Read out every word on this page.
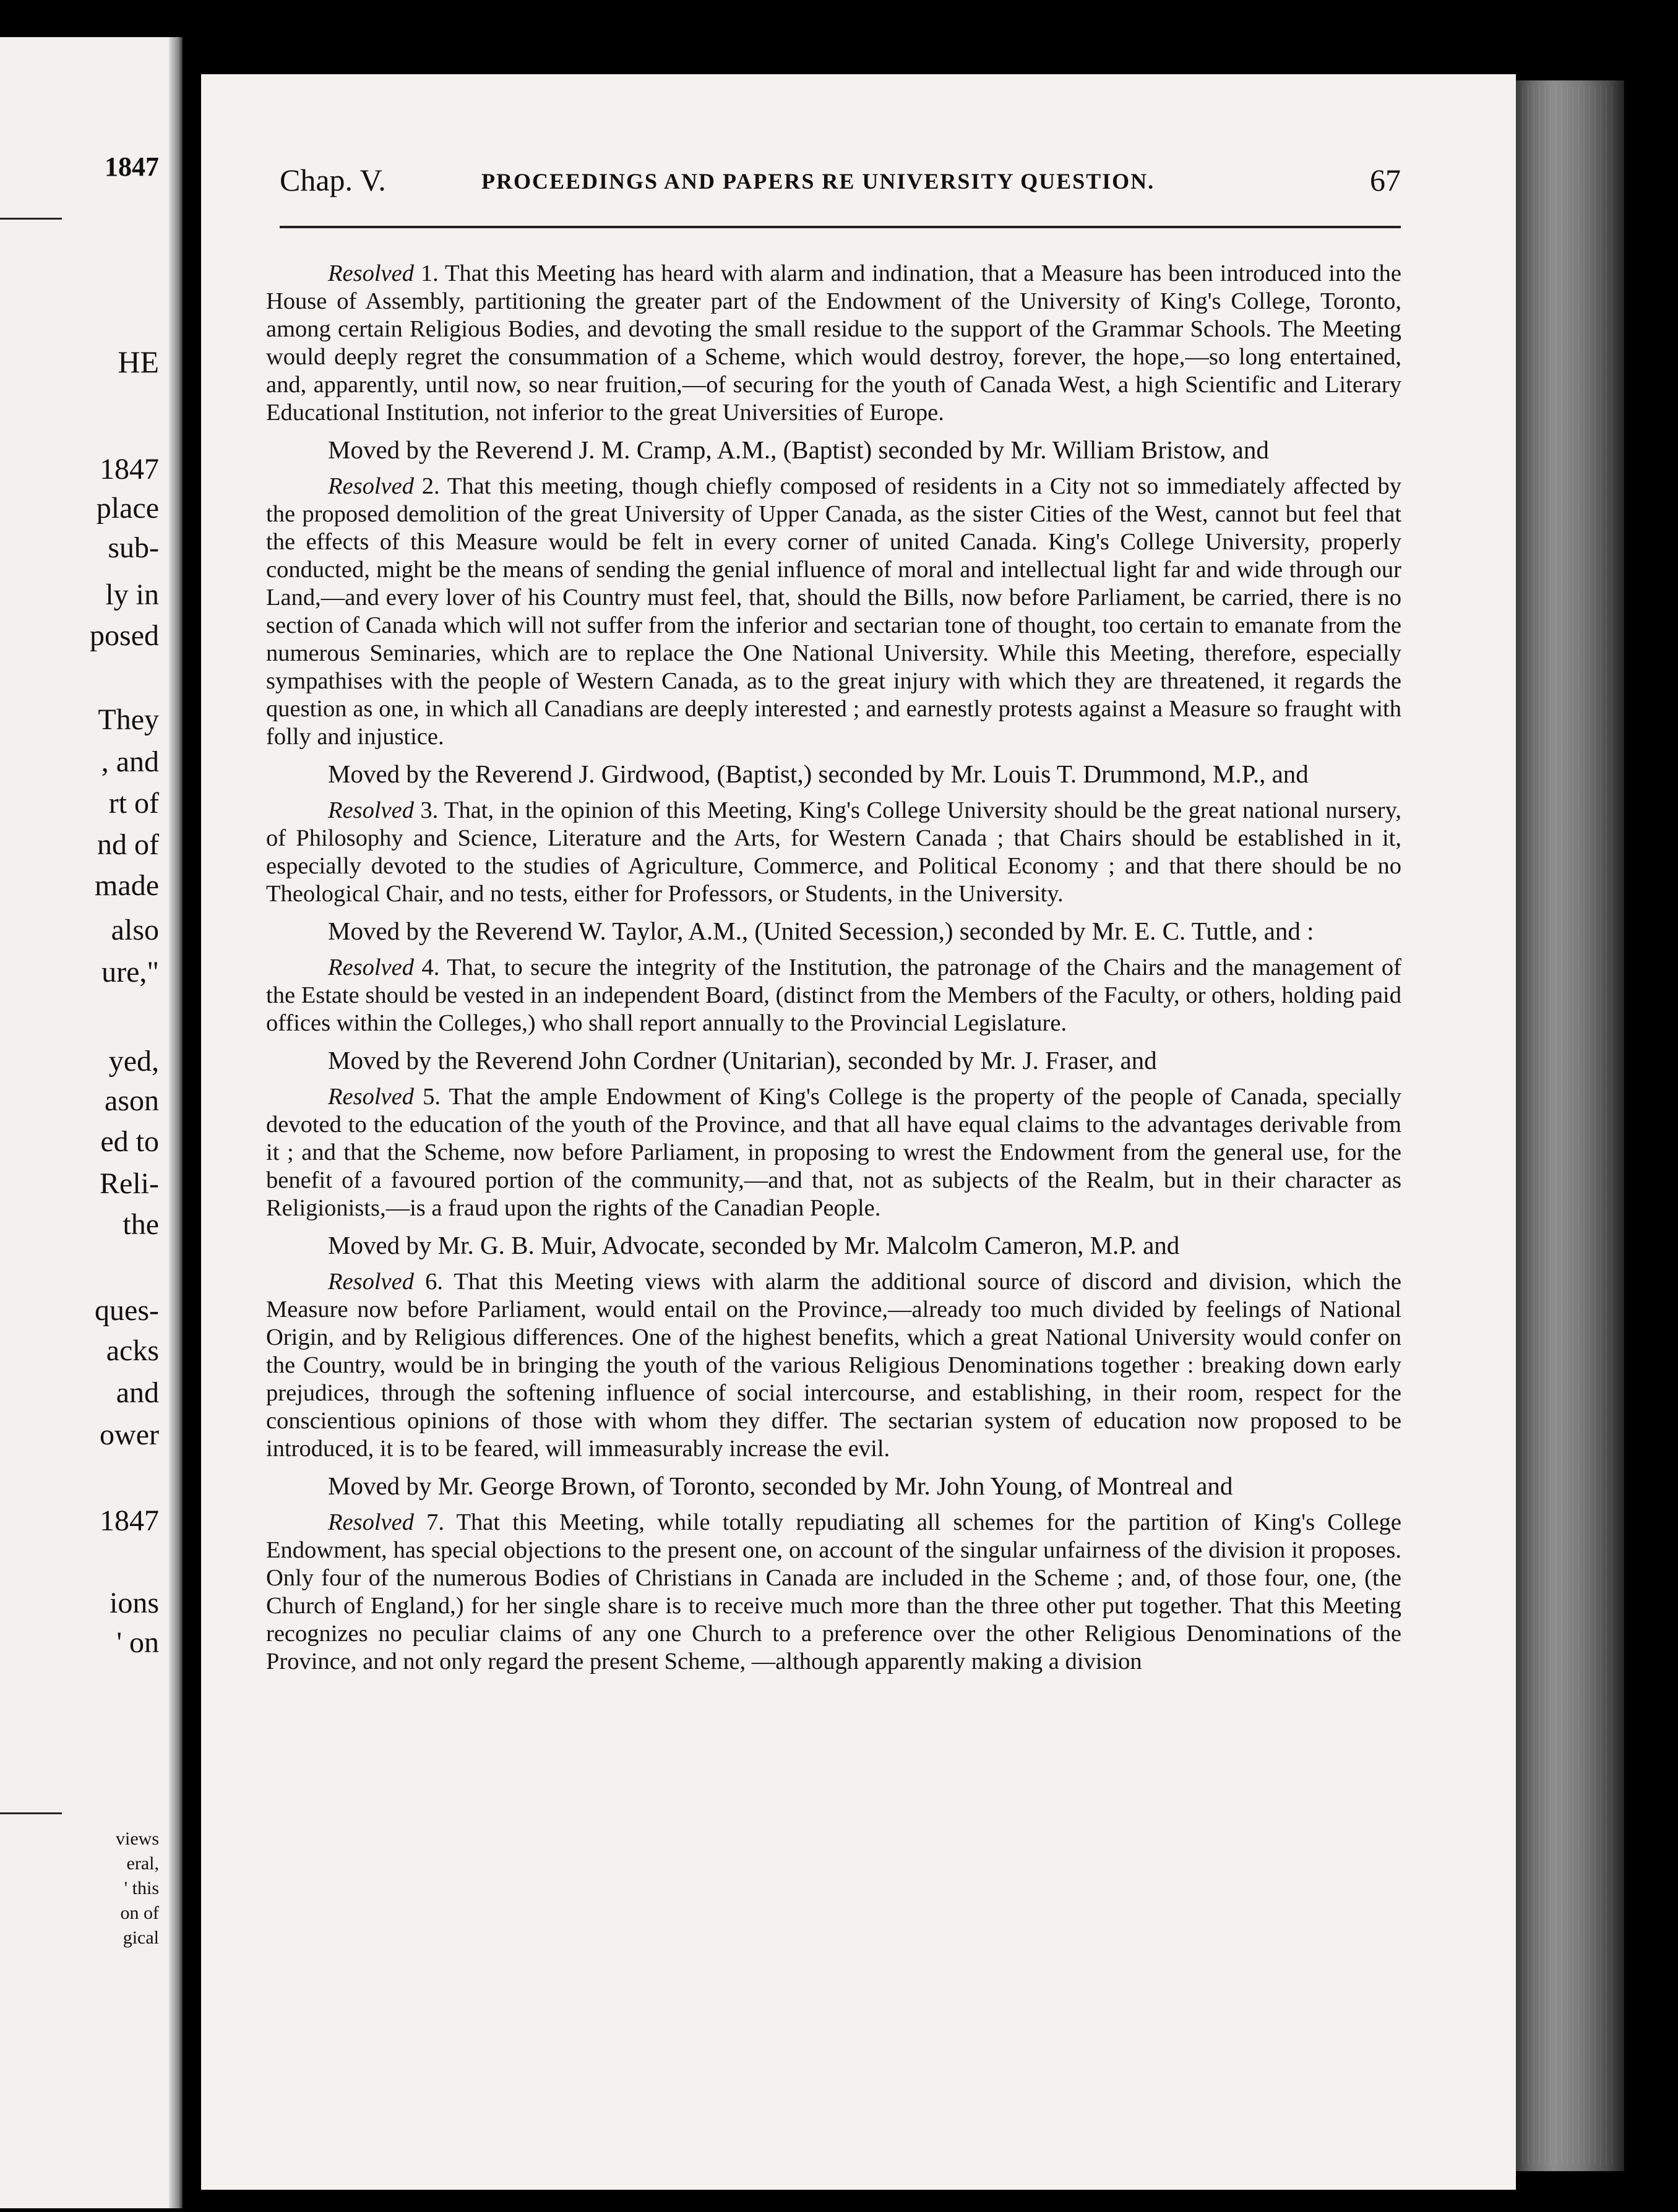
1847
HE
1847
place
sub-
ly in
posed
They
, and
rt of
nd of
made
also
ure,"
yed,
ason
ed to
Reli-
the
ques-
acks
and
ower
1847
ions
' on
views
eral,
' this
on of
gical
Chap. V.	PROCEEDINGS AND PAPERS RE UNIVERSITY QUESTION.	67

Resolved 1. That this Meeting has heard with alarm and indination, that a Measure has been introduced into the House of Assembly, partitioning the greater part of the Endowment of the University of King's College, Toronto, among certain Religious Bodies, and devoting the small residue to the support of the Grammar Schools. The Meeting would deeply regret the consummation of a Scheme, which would destroy, forever, the hope,—so long entertained, and, apparently, until now, so near fruition,—of securing for the youth of Canada West, a high Scientific and Literary Educational Institution, not inferior to the great Universities of Europe.

Moved by the Reverend J. M. Cramp, A.M., (Baptist) seconded by Mr. William Bristow, and

Resolved 2. That this meeting, though chiefly composed of residents in a City not so immediately affected by the proposed demolition of the great University of Upper Canada, as the sister Cities of the West, cannot but feel that the effects of this Measure would be felt in every corner of united Canada. King's College University, properly conducted, might be the means of sending the genial influence of moral and intellectual light far and wide through our Land,—and every lover of his Country must feel, that, should the Bills, now before Parliament, be carried, there is no section of Canada which will not suffer from the inferior and sectarian tone of thought, too certain to emanate from the numerous Seminaries, which are to replace the One National University. While this Meeting, therefore, especially sympathises with the people of Western Canada, as to the great injury with which they are threatened, it regards the question as one, in which all Canadians are deeply interested ; and earnestly protests against a Measure so fraught with folly and injustice.

Moved by the Reverend J. Girdwood, (Baptist,) seconded by Mr. Louis T. Drummond, M.P., and

Resolved 3. That, in the opinion of this Meeting, King's College University should be the great national nursery, of Philosophy and Science, Literature and the Arts, for Western Canada ; that Chairs should be established in it, especially devoted to the studies of Agriculture, Commerce, and Political Economy ; and that there should be no Theological Chair, and no tests, either for Professors, or Students, in the University.

Moved by the Reverend W. Taylor, A.M., (United Secession,) seconded by Mr. E. C. Tuttle, and :

Resolved 4. That, to secure the integrity of the Institution, the patronage of the Chairs and the management of the Estate should be vested in an independent Board, (distinct from the Members of the Faculty, or others, holding paid offices within the Colleges,) who shall report annually to the Provincial Legislature.

Moved by the Reverend John Cordner (Unitarian), seconded by Mr. J. Fraser, and

Resolved 5. That the ample Endowment of King's College is the property of the people of Canada, specially devoted to the education of the youth of the Province, and that all have equal claims to the advantages derivable from it ; and that the Scheme, now before Parliament, in proposing to wrest the Endowment from the general use, for the benefit of a favoured portion of the community,—and that, not as subjects of the Realm, but in their character as Religionists,—is a fraud upon the rights of the Canadian People.

Moved by Mr. G. B. Muir, Advocate, seconded by Mr. Malcolm Cameron, M.P. and

Resolved 6. That this Meeting views with alarm the additional source of discord and division, which the Measure now before Parliament, would entail on the Province,—already too much divided by feelings of National Origin, and by Religious differences. One of the highest benefits, which a great National University would confer on the Country, would be in bringing the youth of the various Religious Denominations together : breaking down early prejudices, through the softening influence of social intercourse, and establishing, in their room, respect for the conscientious opinions of those with whom they differ. The sectarian system of education now proposed to be introduced, it is to be feared, will immeasurably increase the evil.

Moved by Mr. George Brown, of Toronto, seconded by Mr. John Young, of Montreal and

Resolved 7. That this Meeting, while totally repudiating all schemes for the partition of King's College Endowment, has special objections to the present one, on account of the singular unfairness of the division it proposes. Only four of the numerous Bodies of Christians in Canada are included in the Scheme ; and, of those four, one, (the Church of England,) for her single share is to receive much more than the three other put together. That this Meeting recognizes no peculiar claims of any one Church to a preference over the other Religious Denominations of the Province, and not only regard the present Scheme, —although apparently making a division
